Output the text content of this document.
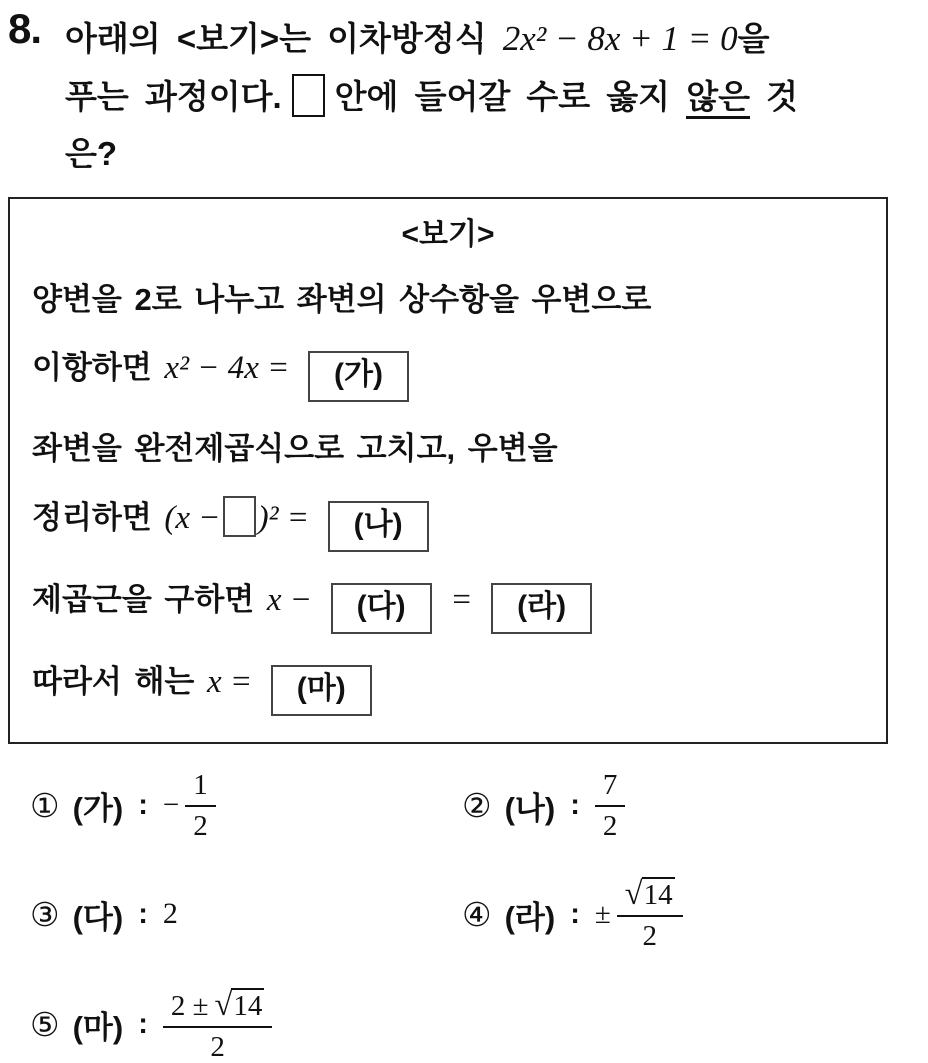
8. 아래의 <보기>는 이차방정식 2x² − 8x + 1 = 0을
푸는 과정이다. 안에 들어갈 수로 옳지 않은 것
은?
<보기>
양변을 2로 나누고 좌변의 상수항을 우변으로
이항하면 x² − 4x = (가)
좌변을 완전제곱식으로 고치고, 우변을
정리하면 (x − )² = (나)
제곱근을 구하면 x − (다) = (라)
따라서 해는 x = (마)
① (가) : − $\frac{1}{2}$	② (나) : $\frac{7}{2}$
③ (다) : 2	④ (라) : ± $\frac{√14}{2}$
⑤ (마) : $\frac{2 \pm √14}{2}$
